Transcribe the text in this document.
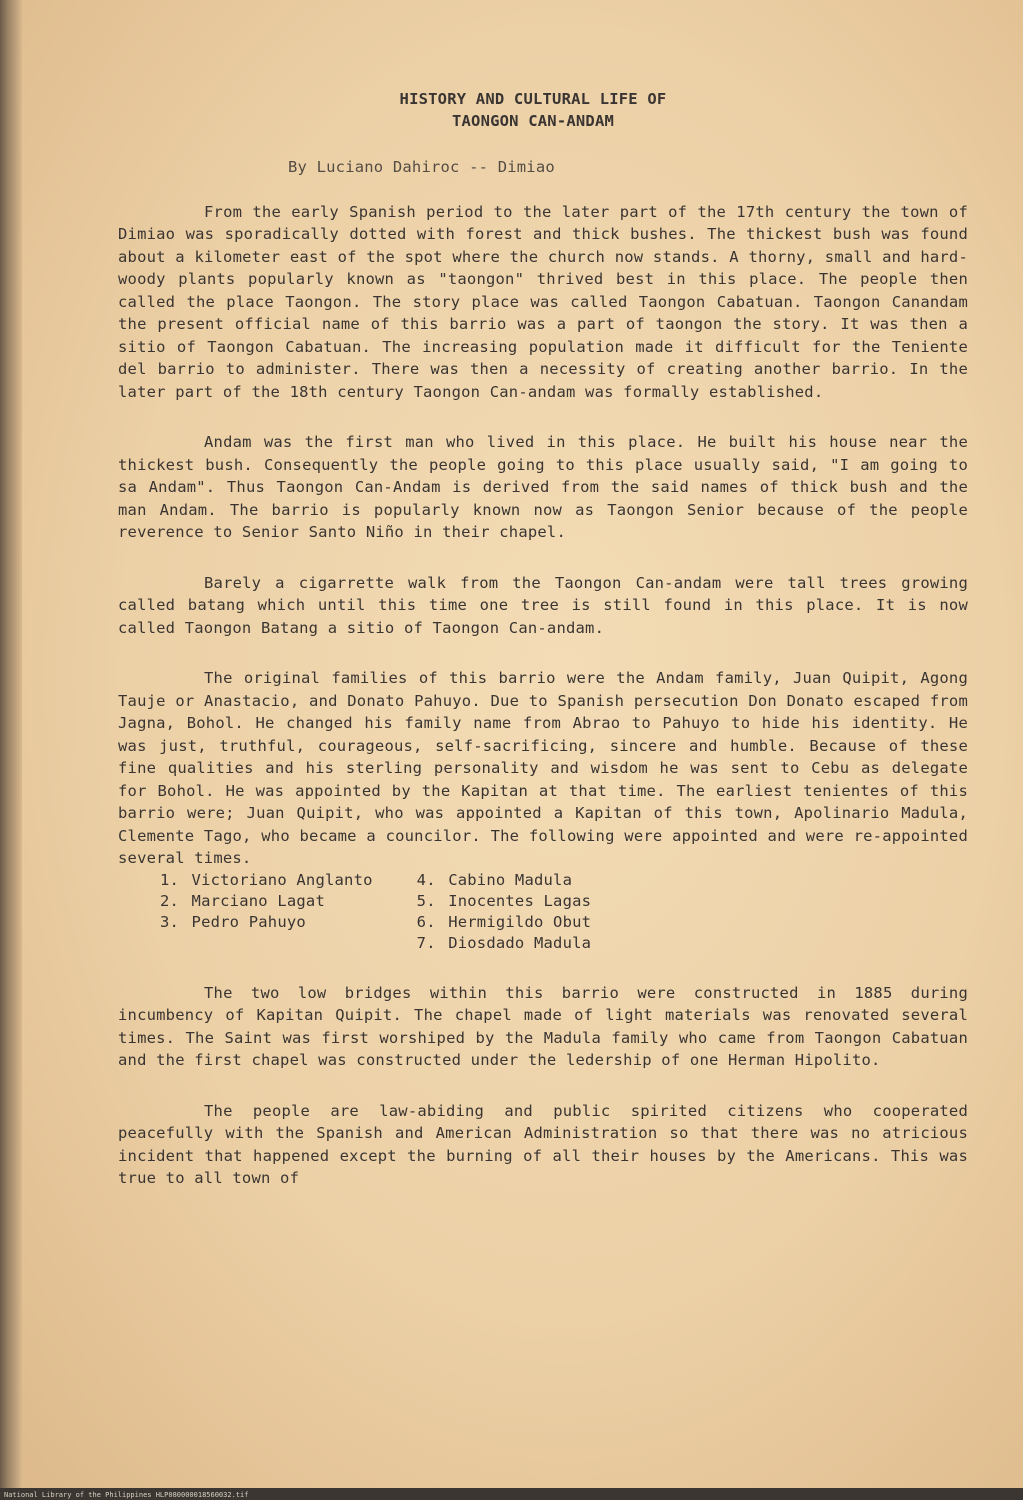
HISTORY AND CULTURAL LIFE OF
TAONGON CAN-ANDAM
By Luciano Dahiroc -- Dimiao

From the early Spanish period to the later part of the 17th century the town of Dimiao was sporadically dotted with forest and thick bushes. The thickest bush was found about a kilometer east of the spot where the church now stands. A thorny, small and hard-woody plants popularly known as "taongon" thrived best in this place. The people then called the place Taongon. The story place was called Taongon Cabatuan. Taongon Canandam the present official name of this barrio was a part of taongon the story. It was then a sitio of Taongon Cabatuan. The increasing population made it difficult for the Teniente del barrio to administer. There was then a necessity of creating another barrio. In the later part of the 18th century Taongon Can-andam was formally established.

Andam was the first man who lived in this place. He built his house near the thickest bush. Consequently the people going to this place usually said, "I am going to sa Andam". Thus Taongon Can-Andam is derived from the said names of thick bush and the man Andam. The barrio is popularly known now as Taongon Senior because of the people reverence to Senior Santo Niño in their chapel.

Barely a cigarrette walk from the Taongon Can-andam were tall trees growing called batang which until this time one tree is still found in this place. It is now called Taongon Batang a sitio of Taongon Can-andam.

The original families of this barrio were the Andam family, Juan Quipit, Agong Tauje or Anastacio, and Donato Pahuyo. Due to Spanish persecution Don Donato escaped from Jagna, Bohol. He changed his family name from Abrao to Pahuyo to hide his identity. He was just, truthful, courageous, self-sacrificing, sincere and humble. Because of these fine qualities and his sterling personality and wisdom he was sent to Cebu as delegate for Bohol. He was appointed by the Kapitan at that time. The earliest tenientes of this barrio were; Juan Quipit, who was appointed a Kapitan of this town, Apolinario Madula, Clemente Tago, who became a councilor. The following were appointed and were re-appointed several times.

1. Victoriano Anglanto
2. Marciano Lagat
3. Pedro Pahuyo
4. Cabino Madula
5. Inocentes Lagas
6. Hermigildo Obut
7. Diosdado Madula

The two low bridges within this barrio were constructed in 1885 during incumbency of Kapitan Quipit. The chapel made of light materials was renovated several times. The Saint was first worshiped by the Madula family who came from Taongon Cabatuan and the first chapel was constructed under the ledership of one Herman Hipolito.

The people are law-abiding and public spirited citizens who cooperated peacefully with the Spanish and American Administration so that there was no atricious incident that happened except the burning of all their houses by the Americans. This was true to all town of

National Library of the Philippines HLP080000018560032.tif
